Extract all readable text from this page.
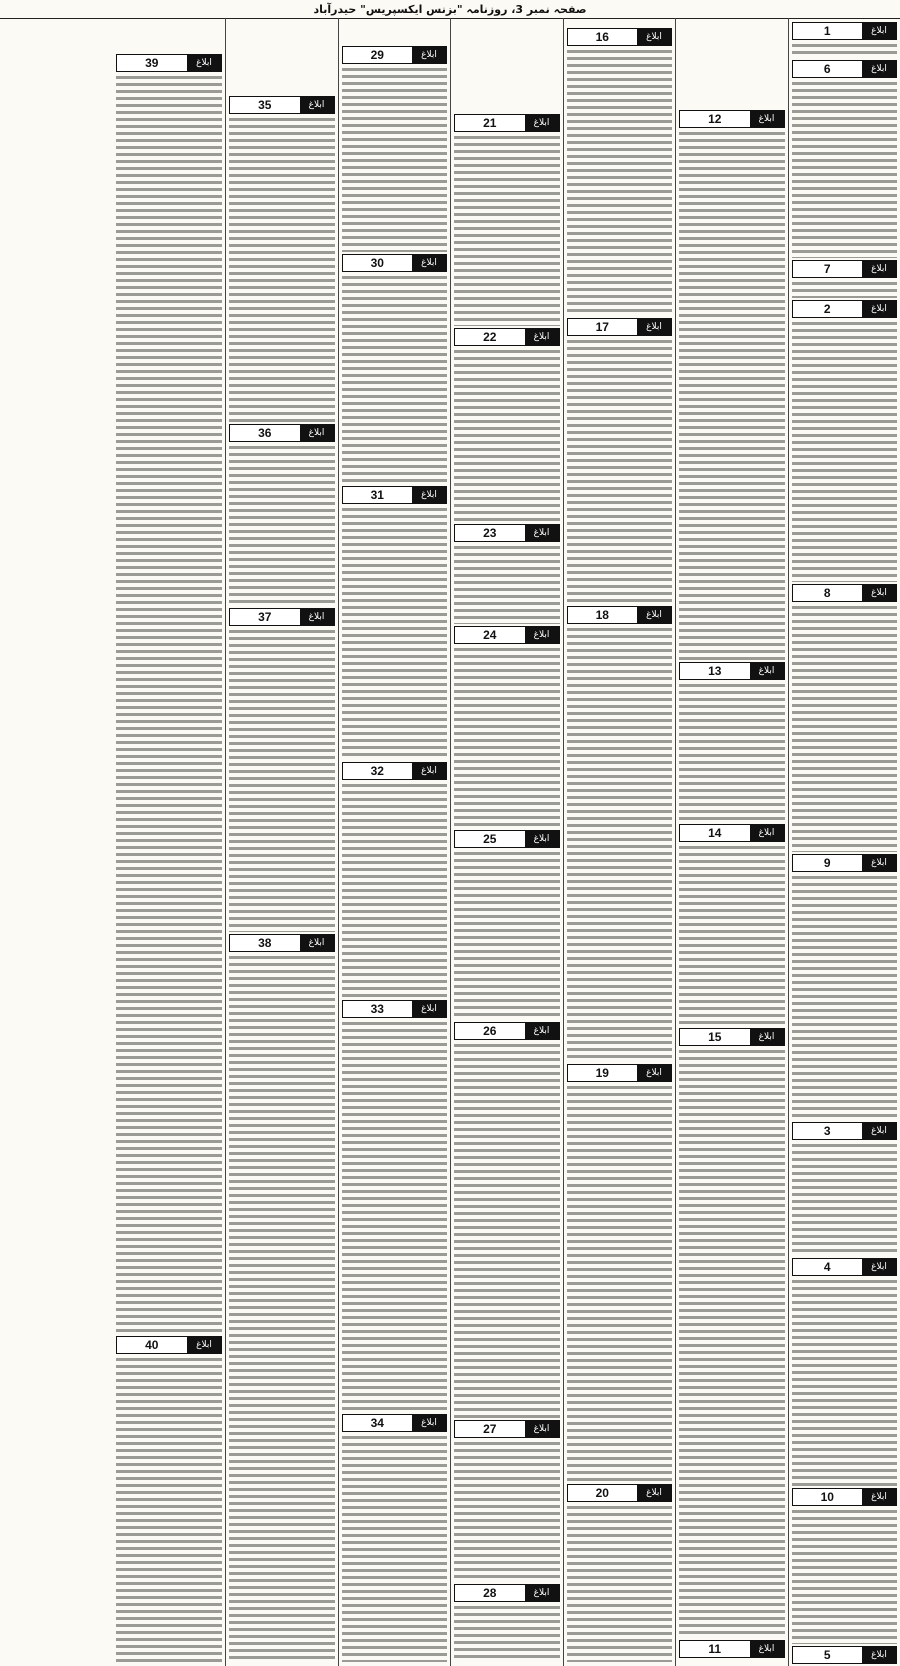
صفحہ نمبر 3، روزنامہ "بزنس ایکسپریس" حیدرآباد
1	ابلاغ
6	ابلاغ
7	ابلاغ
2	ابلاغ
8	ابلاغ
9	ابلاغ
3	ابلاغ
4	ابلاغ
10	ابلاغ
5	ابلاغ
12	ابلاغ
13	ابلاغ
14	ابلاغ
15	ابلاغ
11	ابلاغ
16	ابلاغ
17	ابلاغ
18	ابلاغ
19	ابلاغ
20	ابلاغ
21	ابلاغ
22	ابلاغ
23	ابلاغ
24	ابلاغ
25	ابلاغ
26	ابلاغ
27	ابلاغ
28	ابلاغ
29	ابلاغ
30	ابلاغ
31	ابلاغ
32	ابلاغ
33	ابلاغ
34	ابلاغ
35	ابلاغ
36	ابلاغ
37	ابلاغ
38	ابلاغ
39	ابلاغ
40	ابلاغ
